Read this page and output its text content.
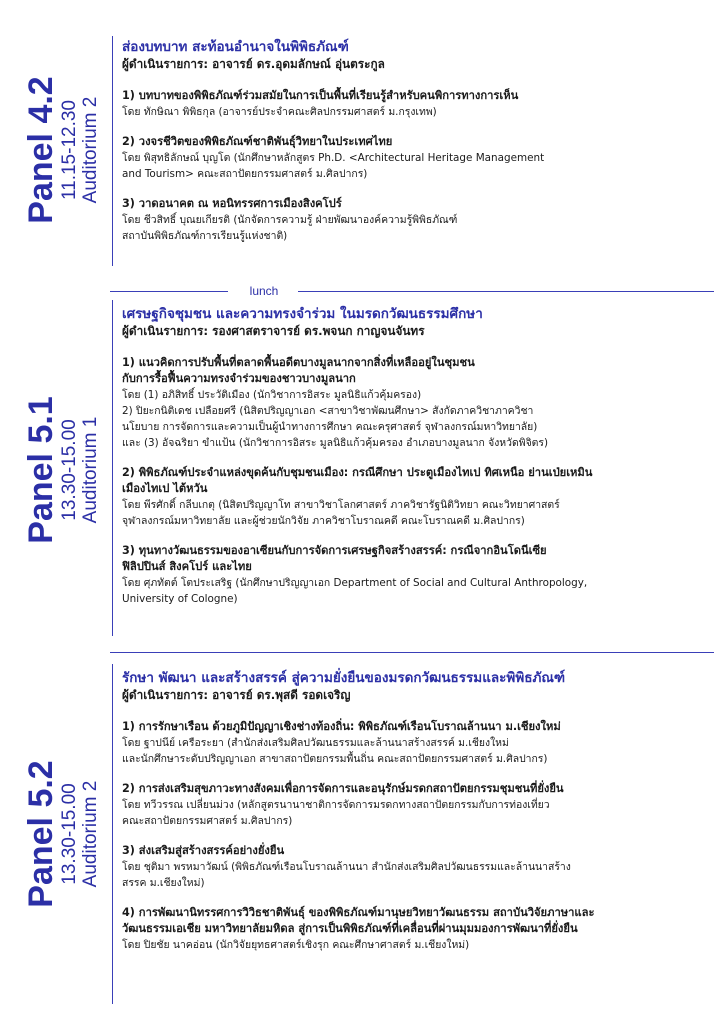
Panel 4.2 11.15-12.30 Auditorium 2
ส่องบทบาท สะท้อนอำนาจในพิพิธภัณฑ์
ผู้ดำเนินรายการ: อาจารย์ ดร.อุดมลักษณ์ อุ่นตระกูล
1) บทบาทของพิพิธภัณฑ์ร่วมสมัยในการเป็นพื้นที่เรียนรู้สำหรับคนพิการทางการเห็น
โดย ทักษิณา พิพิธกุล (อาจารย์ประจำคณะศิลปกรรมศาสตร์ ม.กรุงเทพ)
2) วงจรชีวิตของพิพิธภัณฑ์ชาติพันธุ์วิทยาในประเทศไทย
โดย พิสุทธิลักษณ์ บุญโต (นักศึกษาหลักสูตร Ph.D. <Architectural Heritage Management
and Tourism> คณะสถาปัตยกรรมศาสตร์ ม.ศิลปากร)
3) วาดอนาคต ณ หอนิทรรศการเมืองสิงคโปร์
โดย ชีวสิทธิ์ บุณยเกียรติ (นักจัดการความรู้ ฝ่ายพัฒนาองค์ความรู้พิพิธภัณฑ์
สถาบันพิพิธภัณฑ์การเรียนรู้แห่งชาติ)
lunch
Panel 5.1 13.30-15.00 Auditorium 1
เศรษฐกิจชุมชน และความทรงจำร่วม ในมรดกวัฒนธรรมศึกษา
ผู้ดำเนินรายการ: รองศาสตราจารย์ ดร.พจนก กาญจนจันทร
1) แนวคิดการปรับพื้นที่ตลาดพื้นอดีตบางมูลนากจากสิ่งที่เหลืออยู่ในชุมชน
กับการรื้อฟื้นความทรงจำร่วมของชาวบางมูลนาก
โดย (1) อภิสิทธิ์ ประวัติเมือง (นักวิชาการอิสระ มูลนิธิแก้วคุ้มครอง)
2) ปิยะกนิติเดช เปลือยศรี (นิสิตปริญญาเอก <สาขาวิชาพัฒนศึกษา> สังกัดภาควิชาภาควิชา
นโยบาย การจัดการและความเป็นผู้นำทางการศึกษา คณะครุศาสตร์ จุฬาลงกรณ์มหาวิทยาลัย)
และ (3) อัจฉริยา ขำแป้น (นักวิชาการอิสระ มูลนิธิแก้วคุ้มครอง อำเภอบางมูลนาก จังหวัดพิจิตร)
2) พิพิธภัณฑ์ประจำแหล่งขุดค้นกับชุมชนเมือง: กรณีศึกษา ประตูเมืองไทเป ทิศเหนือ ย่านเป่ยเหมิน
เมืองไทเป ไต้หวัน
โดย พีรศักดิ์ กลีบเกตุ (นิสิตปริญญาโท สาขาวิชาโลกศาสตร์ ภาควิชารัฐนิติวิทยา คณะวิทยาศาสตร์
จุฬาลงกรณ์มหาวิทยาลัย และผู้ช่วยนักวิจัย ภาควิชาโบราณคดี คณะโบราณคดี ม.ศิลปากร)
3) ทุนทางวัฒนธรรมของอาเซียนกับการจัดการเศรษฐกิจสร้างสรรค์: กรณีจากอินโดนีเซีย
ฟิลิปปินส์ สิงคโปร์ และไทย
โดย ศุภทัตต์ โตประเสริฐ (นักศึกษาปริญญาเอก Department of Social and Cultural Anthropology,
University of Cologne)
Panel 5.2 13.30-15.00 Auditorium 2
รักษา พัฒนา และสร้างสรรค์ สู่ความยั่งยืนของมรดกวัฒนธรรมและพิพิธภัณฑ์
ผู้ดำเนินรายการ: อาจารย์ ดร.พุสดี รอดเจริญ
1) การรักษาเรือน ด้วยภูมิปัญญาเชิงช่างท้องถิ่น: พิพิธภัณฑ์เรือนโบราณล้านนา ม.เชียงใหม่
โดย ฐาปนีย์ เครือระยา (สำนักส่งเสริมศิลปวัฒนธรรมและล้านนาสร้างสรรค์ ม.เชียงใหม่
และนักศึกษาระดับปริญญาเอก สาขาสถาปัตยกรรมพื้นถิ่น คณะสถาปัตยกรรมศาสตร์ ม.ศิลปากร)
2) การส่งเสริมสุขภาวะทางสังคมเพื่อการจัดการและอนุรักษ์มรดกสถาปัตยกรรมชุมชนที่ยั่งยืน
โดย ทวีวรรณ เปลี่ยนม่วง (หลักสูตรนานาชาติการจัดการมรดกทางสถาปัตยกรรมกับการท่องเที่ยว
คณะสถาปัตยกรรมศาสตร์ ม.ศิลปากร)
3) ส่งเสริมสู่สร้างสรรค์อย่างยั่งยืน
โดย ชุติมา พรหมาวัฒน์ (พิพิธภัณฑ์เรือนโบราณล้านนา สำนักส่งเสริมศิลปวัฒนธรรมและล้านนาสร้าง
สรรค ม.เชียงใหม่)
4) การพัฒนานิทรรศการวิวิธชาติพันธุ์ ของพิพิธภัณฑ์มานุษยวิทยาวัฒนธรรม สถาบันวิจัยภาษาและ
วัฒนธรรมเอเชีย มหาวิทยาลัยมหิดล สู่การเป็นพิพิธภัณฑ์ที่เคลื่อนที่ผ่านมุมมองการพัฒนาที่ยั่งยืน
โดย ปิยชัย นาคอ่อน (นักวิจัยยุทธศาสตร์เชิงรุก คณะศึกษาศาสตร์ ม.เชียงใหม่)
